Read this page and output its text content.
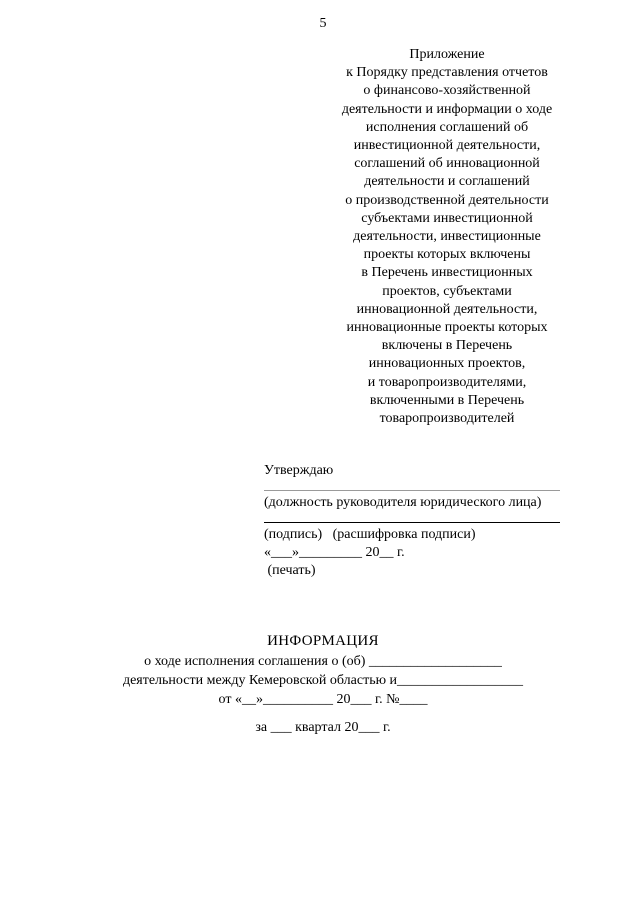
5
Приложение
к Порядку представления отчетов
о финансово-хозяйственной
деятельности и информации о ходе
исполнения соглашений об
инвестиционной деятельности,
соглашений об инновационной
деятельности и соглашений
о производственной деятельности
субъектами инвестиционной
деятельности, инвестиционные
проекты которых включены
в Перечень инвестиционных
проектов, субъектами
инновационной деятельности,
инновационные проекты которых
включены в Перечень
инновационных проектов,
и товаропроизводителями,
включенными в Перечень
товаропроизводителей
Утверждаю
(должность руководителя юридического лица)
(подпись)   (расшифровка подписи)
«___»_________ 20__ г.
(печать)
ИНФОРМАЦИЯ
о ходе исполнения соглашения о (об) ___________________
деятельности между Кемеровской областью и__________________
от «__»__________ 20___ г. №____
за ___ квартал 20___ г.
